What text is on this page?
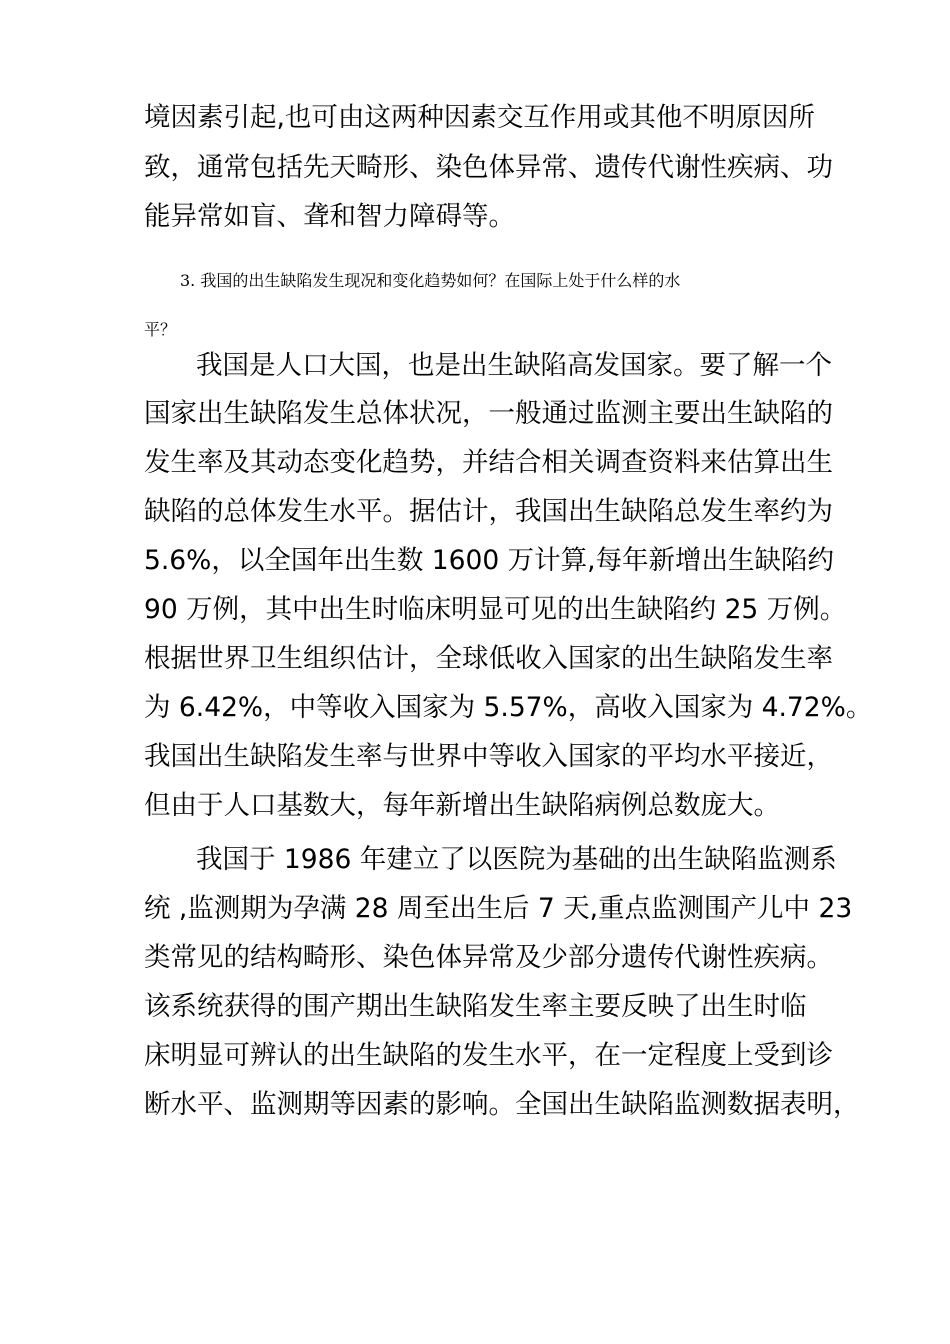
境因素引起,也可由这两种因素交互作用或其他不明原因所
致，通常包括先天畸形、染色体异常、遗传代谢性疾病、功
能异常如盲、聋和智力障碍等。
3. 我国的出生缺陷发生现况和变化趋势如何？在国际上处于什么样的水
平？
我国是人口大国，也是出生缺陷高发国家。要了解一个
国家出生缺陷发生总体状况，一般通过监测主要出生缺陷的
发生率及其动态变化趋势，并结合相关调查资料来估算出生
缺陷的总体发生水平。据估计，我国出生缺陷总发生率约为
5.6%，以全国年出生数 1600 万计算,每年新增出生缺陷约
90 万例，其中出生时临床明显可见的出生缺陷约 25 万例。
根据世界卫生组织估计，全球低收入国家的出生缺陷发生率
为 6.42%，中等收入国家为 5.57%，高收入国家为 4.72%。
我国出生缺陷发生率与世界中等收入国家的平均水平接近，
但由于人口基数大，每年新增出生缺陷病例总数庞大。
我国于 1986 年建立了以医院为基础的出生缺陷监测系
统 ,监测期为孕满 28 周至出生后 7 天,重点监测围产儿中 23
类常见的结构畸形、染色体异常及少部分遗传代谢性疾病。
该系统获得的围产期出生缺陷发生率主要反映了出生时临
床明显可辨认的出生缺陷的发生水平，在一定程度上受到诊
断水平、监测期等因素的影响。全国出生缺陷监测数据表明，
